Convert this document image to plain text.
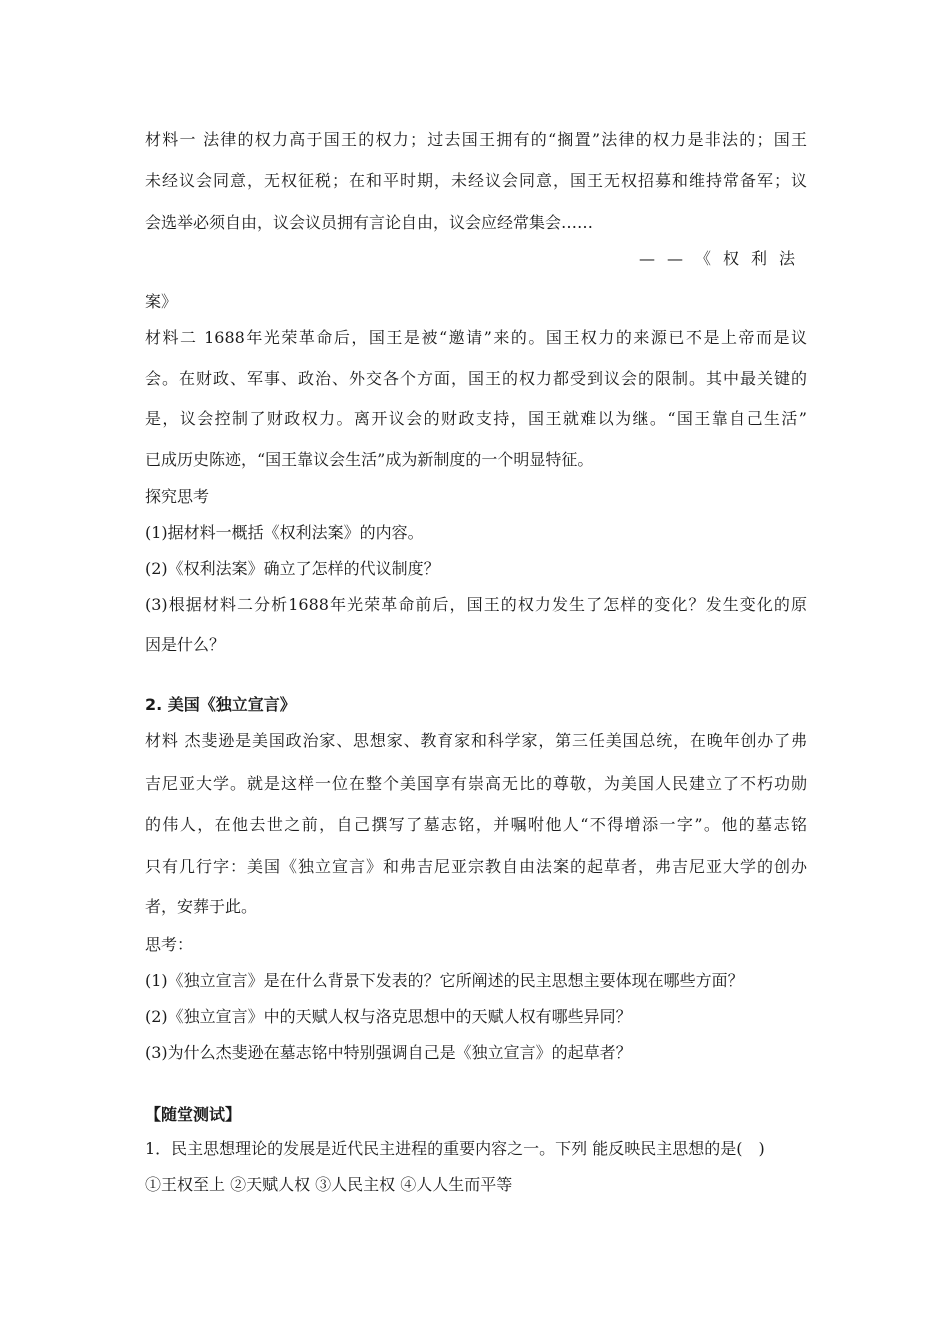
材料一 法律的权力高于国王的权力；过去国王拥有的“搁置”法律的权力是非法的；国王
未经议会同意，无权征税；在和平时期，未经议会同意，国王无权招募和维持常备军；议
会选举必须自由，议会议员拥有言论自由，议会应经常集会……
——《权利法
案》
材料二 1688年光荣革命后，国王是被“邀请”来的。国王权力的来源已不是上帝而是议
会。在财政、军事、政治、外交各个方面，国王的权力都受到议会的限制。其中最关键的
是，议会控制了财政权力。离开议会的财政支持，国王就难以为继。“国王靠自己生活”
已成历史陈迹，“国王靠议会生活”成为新制度的一个明显特征。
探究思考
(1)据材料一概括《权利法案》的内容。
(2)《权利法案》确立了怎样的代议制度？
(3)根据材料二分析1688年光荣革命前后，国王的权力发生了怎样的变化？发生变化的原
因是什么？
2. 美国《独立宣言》
材料 杰斐逊是美国政治家、思想家、教育家和科学家，第三任美国总统，在晚年创办了弗
吉尼亚大学。就是这样一位在整个美国享有崇高无比的尊敬，为美国人民建立了不朽功勋
的伟人，在他去世之前，自己撰写了墓志铭，并嘱咐他人“不得增添一字”。他的墓志铭
只有几行字：美国《独立宣言》和弗吉尼亚宗教自由法案的起草者，弗吉尼亚大学的创办
者，安葬于此。
思考：
(1)《独立宣言》是在什么背景下发表的？它所阐述的民主思想主要体现在哪些方面？
(2)《独立宣言》中的天赋人权与洛克思想中的天赋人权有哪些异同？
(3)为什么杰斐逊在墓志铭中特别强调自己是《独立宣言》的起草者？
【随堂测试】
1．民主思想理论的发展是近代民主进程的重要内容之一。下列 能反映民主思想的是(　)
①王权至上 ②天赋人权 ③人民主权 ④人人生而平等
